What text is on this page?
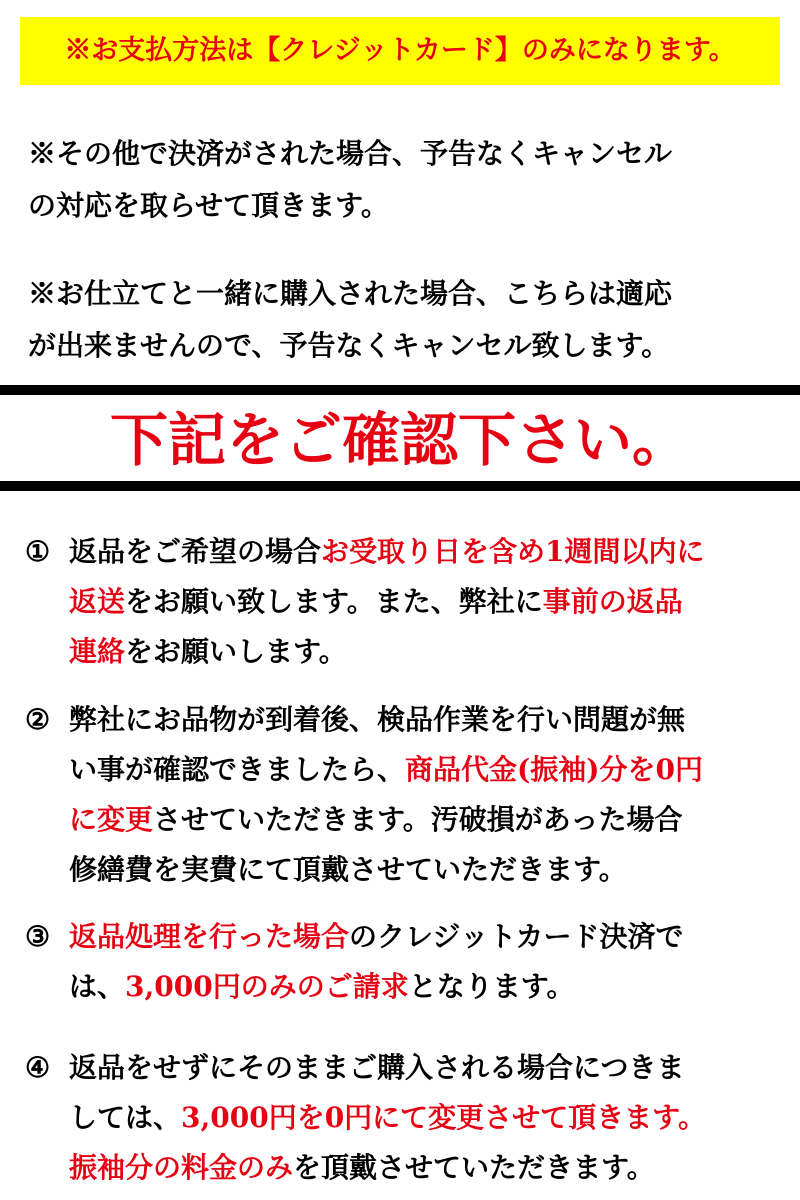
※お支払方法は【クレジットカード】のみになります。
※その他で決済がされた場合、予告なくキャンセル
の対応を取らせて頂きます。
※お仕立てと一緒に購入された場合、こちらは適応
が出来ませんので、予告なくキャンセル致します。
下記をご確認下さい。
① 返品をご希望の場合お受取り日を含め1週間以内に
返送をお願い致します。また、弊社に事前の返品
連絡をお願いします。
② 弊社にお品物が到着後、検品作業を行い問題が無
い事が確認できましたら、商品代金(振袖)分を0円
に変更させていただきます。汚破損があった場合
修繕費を実費にて頂戴させていただきます。
③ 返品処理を行った場合のクレジットカード決済で
は、3,000円のみのご請求となります。
④ 返品をせずにそのままご購入される場合につきま
しては、3,000円を0円にて変更させて頂きます。
振袖分の料金のみを頂戴させていただきます。
